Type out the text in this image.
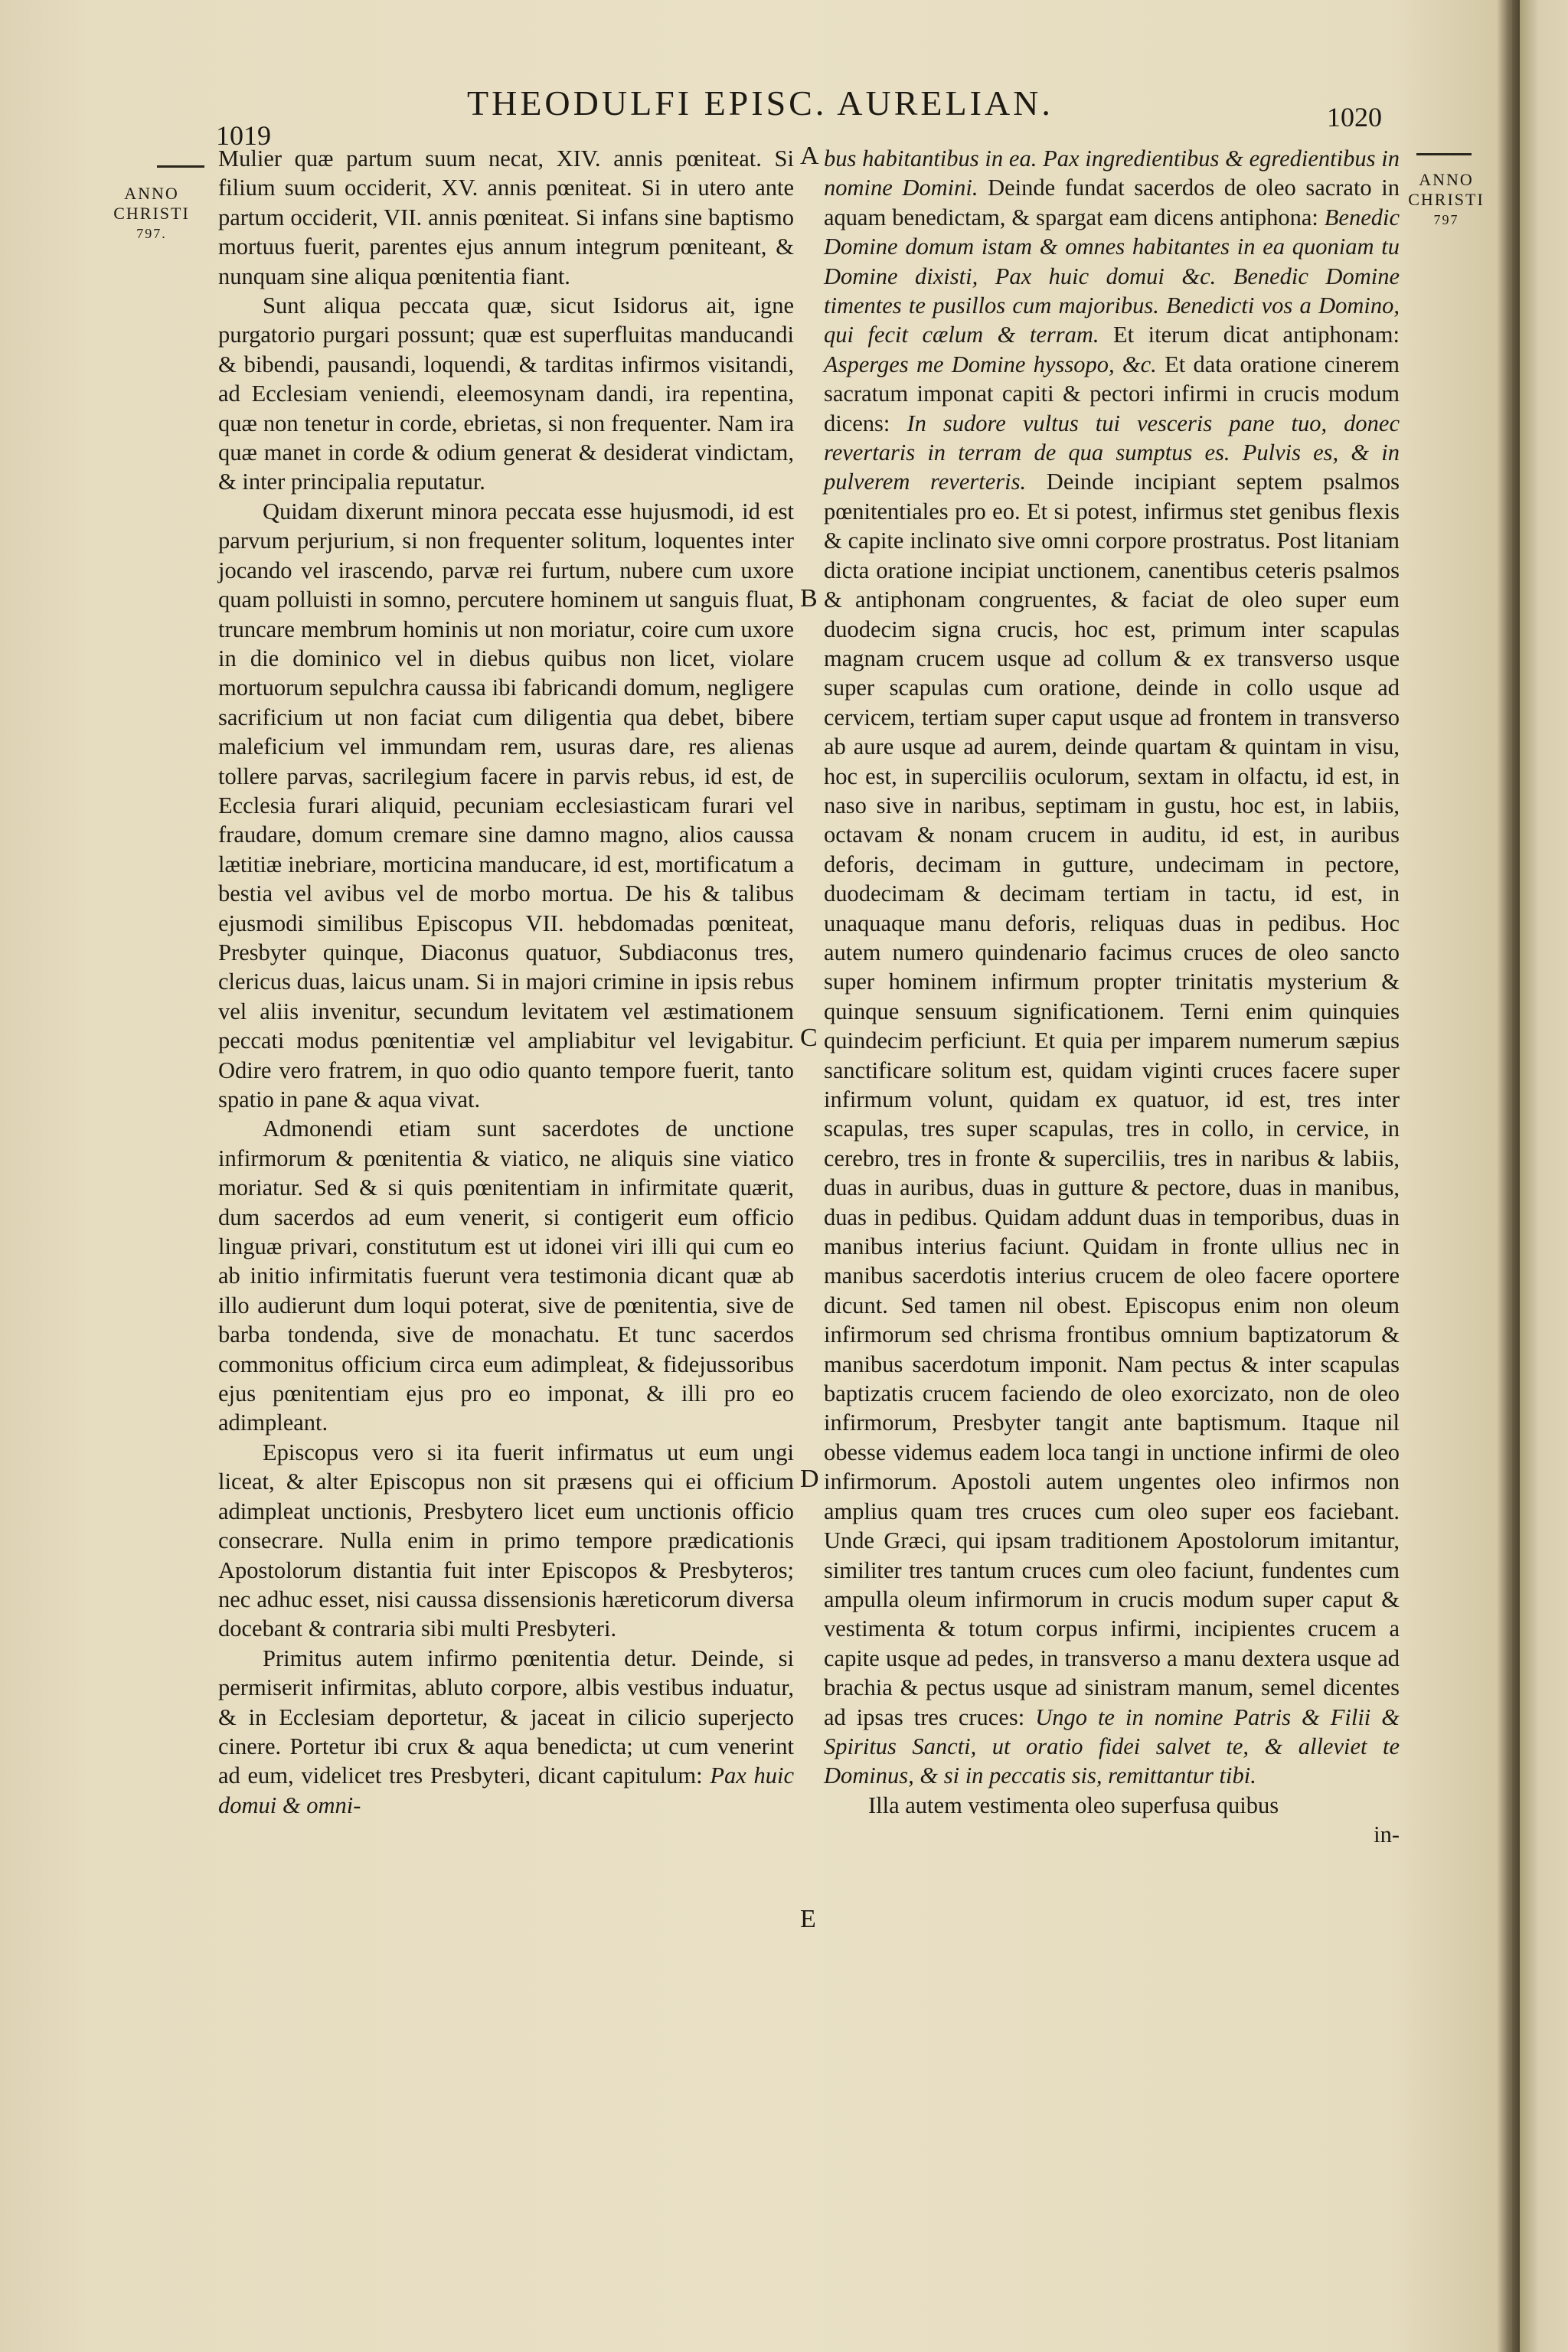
1019
THEODULFI EPISC. AURELIAN.	1020
ANNO
CHRISTI
797.
ANNO
CHRISTI
797

Mulier quæ partum suum necat, XIV. annis pœniteat. Si filium suum occiderit, XV. annis pœniteat. Si in utero ante partum occiderit, VII. annis pœniteat. Si infans sine baptismo mortuus fuerit, parentes ejus annum integrum pœniteant, & nunquam sine aliqua pœnitentia fiant.

Sunt aliqua peccata quæ, sicut Isidorus ait, igne purgatorio purgari possunt; quæ est superfluitas manducandi & bibendi, pausandi, loquendi, & tarditas infirmos visitandi, ad Ecclesiam veniendi, eleemosynam dandi, ira repentina, quæ non tenetur in corde, ebrietas, si non frequenter. Nam ira quæ manet in corde & odium generat & desiderat vindictam, & inter principalia reputatur.

Quidam dixerunt minora peccata esse hujusmodi, id est parvum perjurium, si non frequenter solitum, loquentes inter jocando vel irascendo, parvæ rei furtum, nubere cum uxore quam polluisti in somno, percutere hominem ut sanguis fluat, truncare membrum hominis ut non moriatur, coire cum uxore in die dominico vel in diebus quibus non licet, violare mortuorum sepulchra caussa ibi fabricandi domum, negligere sacrificium ut non faciat cum diligentia qua debet, bibere maleficium vel immundam rem, usuras dare, res alienas tollere parvas, sacrilegium facere in parvis rebus, id est, de Ecclesia furari aliquid, pecuniam ecclesiasticam furari vel fraudare, domum cremare sine damno magno, alios caussa lætitiæ inebriare, morticina manducare, id est, mortificatum a bestia vel avibus vel de morbo mortua. De his & talibus ejusmodi similibus Episcopus VII. hebdomadas pœniteat, Presbyter quinque, Diaconus quatuor, Subdiaconus tres, clericus duas, laicus unam. Si in majori crimine in ipsis rebus vel aliis invenitur, secundum levitatem vel æstimationem peccati modus pœnitentiæ vel ampliabitur vel levigabitur. Odire vero fratrem, in quo odio quanto tempore fuerit, tanto spatio in pane & aqua vivat.

Admonendi etiam sunt sacerdotes de unctione infirmorum & pœnitentia & viatico, ne aliquis sine viatico moriatur. Sed & si quis pœnitentiam in infirmitate quærit, dum sacerdos ad eum venerit, si contigerit eum officio linguæ privari, constitutum est ut idonei viri illi qui cum eo ab initio infirmitatis fuerunt vera testimonia dicant quæ ab illo audierunt dum loqui poterat, sive de pœnitentia, sive de barba tondenda, sive de monachatu. Et tunc sacerdos commonitus officium circa eum adimpleat, & fidejussoribus ejus pœnitentiam ejus pro eo imponat, & illi pro eo adimpleant.

Episcopus vero si ita fuerit infirmatus ut eum ungi liceat, & alter Episcopus non sit præsens qui ei officium adimpleat unctionis, Presbytero licet eum unctionis officio consecrare. Nulla enim in primo tempore prædicationis Apostolorum distantia fuit inter Episcopos & Presbyteros; nec adhuc esset, nisi caussa dissensionis hæreticorum diversa docebant & contraria sibi multi Presbyteri.

Primitus autem infirmo pœnitentia detur. Deinde, si permiserit infirmitas, abluto corpore, albis vestibus induatur, & in Ecclesiam deportetur, & jaceat in cilicio superjecto cinere. Portetur ibi crux & aqua benedicta; ut cum venerint ad eum, videlicet tres Presbyteri, dicant capitulum: Pax huic domui & omni-

A
B
C
D
E

bus habitantibus in ea. Pax ingredientibus & egredientibus in nomine Domini. Deinde fundat sacerdos de oleo sacrato in aquam benedictam, & spargat eam dicens antiphona: Benedic Domine domum istam & omnes habitantes in ea quoniam tu Domine dixisti, Pax huic domui &c. Benedic Domine timentes te pusillos cum majoribus. Benedicti vos a Domino, qui fecit cælum & terram. Et iterum dicat antiphonam: Asperges me Domine hyssopo, &c. Et data oratione cinerem sacratum imponat capiti & pectori infirmi in crucis modum dicens: In sudore vultus tui vesceris pane tuo, donec revertaris in terram de qua sumptus es. Pulvis es, & in pulverem reverteris. Deinde incipiant septem psalmos pœnitentiales pro eo. Et si potest, infirmus stet genibus flexis & capite inclinato sive omni corpore prostratus. Post litaniam dicta oratione incipiat unctionem, canentibus ceteris psalmos & antiphonam congruentes, & faciat de oleo super eum duodecim signa crucis, hoc est, primum inter scapulas magnam crucem usque ad collum & ex transverso usque super scapulas cum oratione, deinde in collo usque ad cervicem, tertiam super caput usque ad frontem in transverso ab aure usque ad aurem, deinde quartam & quintam in visu, hoc est, in superciliis oculorum, sextam in olfactu, id est, in naso sive in naribus, septimam in gustu, hoc est, in labiis, octavam & nonam crucem in auditu, id est, in auribus deforis, decimam in gutture, undecimam in pectore, duodecimam & decimam tertiam in tactu, id est, in unaquaque manu deforis, reliquas duas in pedibus. Hoc autem numero quindenario facimus cruces de oleo sancto super hominem infirmum propter trinitatis mysterium & quinque sensuum significationem. Terni enim quinquies quindecim perficiunt. Et quia per imparem numerum sæpius sanctificare solitum est, quidam viginti cruces facere super infirmum volunt, quidam ex quatuor, id est, tres inter scapulas, tres super scapulas, tres in collo, in cervice, in cerebro, tres in fronte & superciliis, tres in naribus & labiis, duas in auribus, duas in gutture & pectore, duas in manibus, duas in pedibus. Quidam addunt duas in temporibus, duas in manibus interius faciunt. Quidam in fronte ullius nec in manibus sacerdotis interius crucem de oleo facere oportere dicunt. Sed tamen nil obest. Episcopus enim non oleum infirmorum sed chrisma frontibus omnium baptizatorum & manibus sacerdotum imponit. Nam pectus & inter scapulas baptizatis crucem faciendo de oleo exorcizato, non de oleo infirmorum, Presbyter tangit ante baptismum. Itaque nil obesse videmus eadem loca tangi in unctione infirmi de oleo infirmorum. Apostoli autem ungentes oleo infirmos non amplius quam tres cruces cum oleo super eos faciebant. Unde Græci, qui ipsam traditionem Apostolorum imitantur, similiter tres tantum cruces cum oleo faciunt, fundentes cum ampulla oleum infirmorum in crucis modum super caput & vestimenta & totum corpus infirmi, incipientes crucem a capite usque ad pedes, in transverso a manu dextera usque ad brachia & pectus usque ad sinistram manum, semel dicentes ad ipsas tres cruces: Ungo te in nomine Patris & Filii & Spiritus Sancti, ut oratio fidei salvet te, & alleviet te Dominus, & si in peccatis sis, remittantur tibi.

Illa autem vestimenta oleo superfusa quibus

in-
